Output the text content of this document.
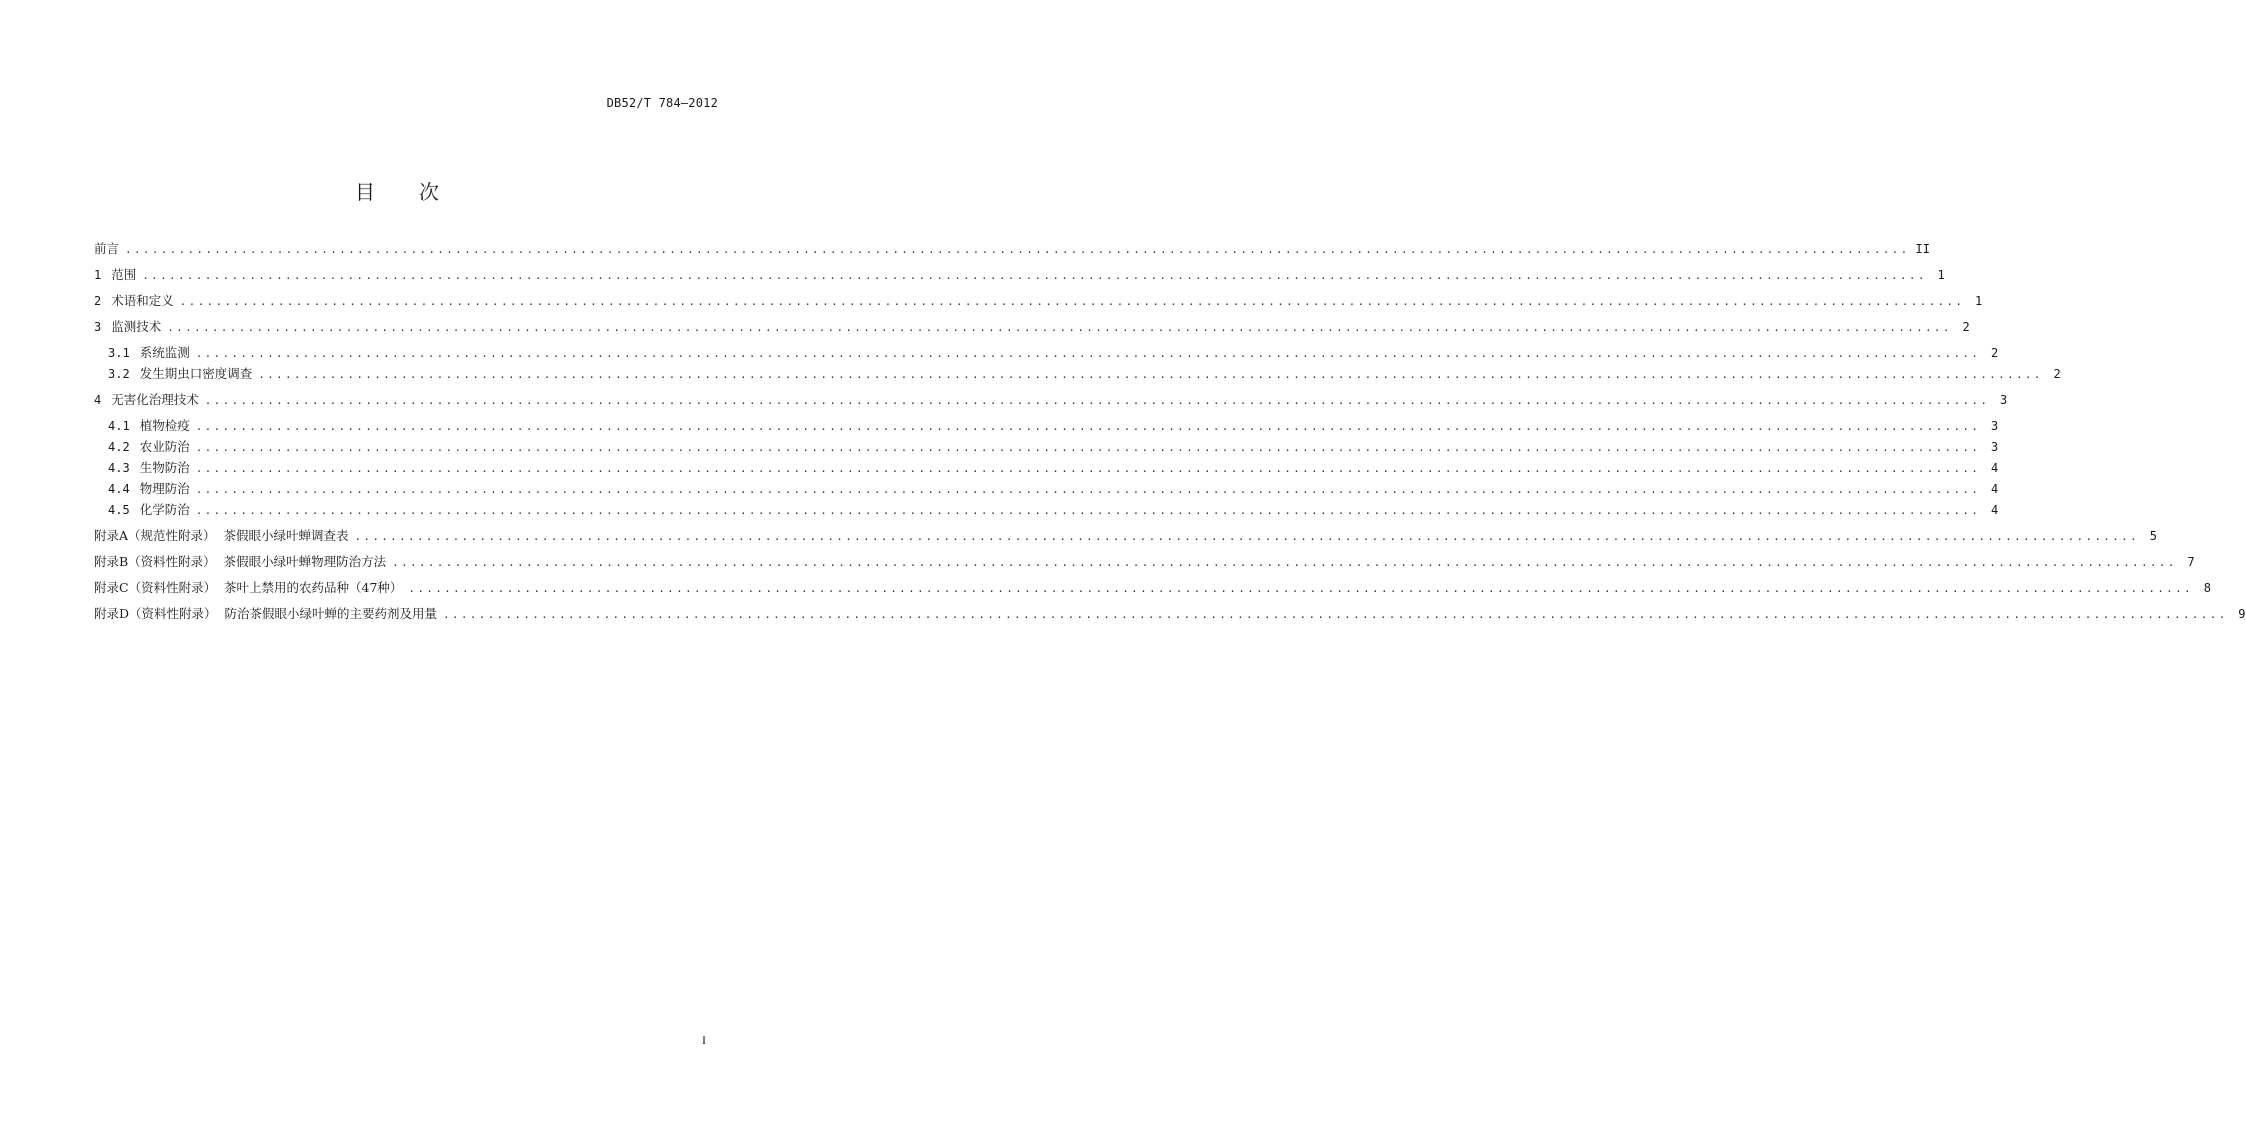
DB52/T 784—2012
目 次
前言 ........................................................................................................................................................................................................ II
1 范围 ........................................................................................................................................................................................................ 1
2 术语和定义 ........................................................................................................................................................................................................ 1
3 监测技术 ........................................................................................................................................................................................................ 2
3.1 系统监测 ........................................................................................................................................................................................................ 2
3.2 发生期虫口密度调查 ........................................................................................................................................................................................................ 2
4 无害化治理技术 ........................................................................................................................................................................................................ 3
4.1 植物检疫 ........................................................................................................................................................................................................ 3
4.2 农业防治 ........................................................................................................................................................................................................ 3
4.3 生物防治 ........................................................................................................................................................................................................ 4
4.4 物理防治 ........................................................................................................................................................................................................ 4
4.5 化学防治 ........................................................................................................................................................................................................ 4
附录A（规范性附录）  茶假眼小绿叶蝉调查表 ........................................................................................................................................................................................................ 5
附录B（资料性附录）  茶假眼小绿叶蝉物理防治方法 ........................................................................................................................................................................................................ 7
附录C（资料性附录）  茶叶上禁用的农药品种（47种） ........................................................................................................................................................................................................ 8
附录D（资料性附录）  防治茶假眼小绿叶蝉的主要药剂及用量 ........................................................................................................................................................................................................ 9
I
